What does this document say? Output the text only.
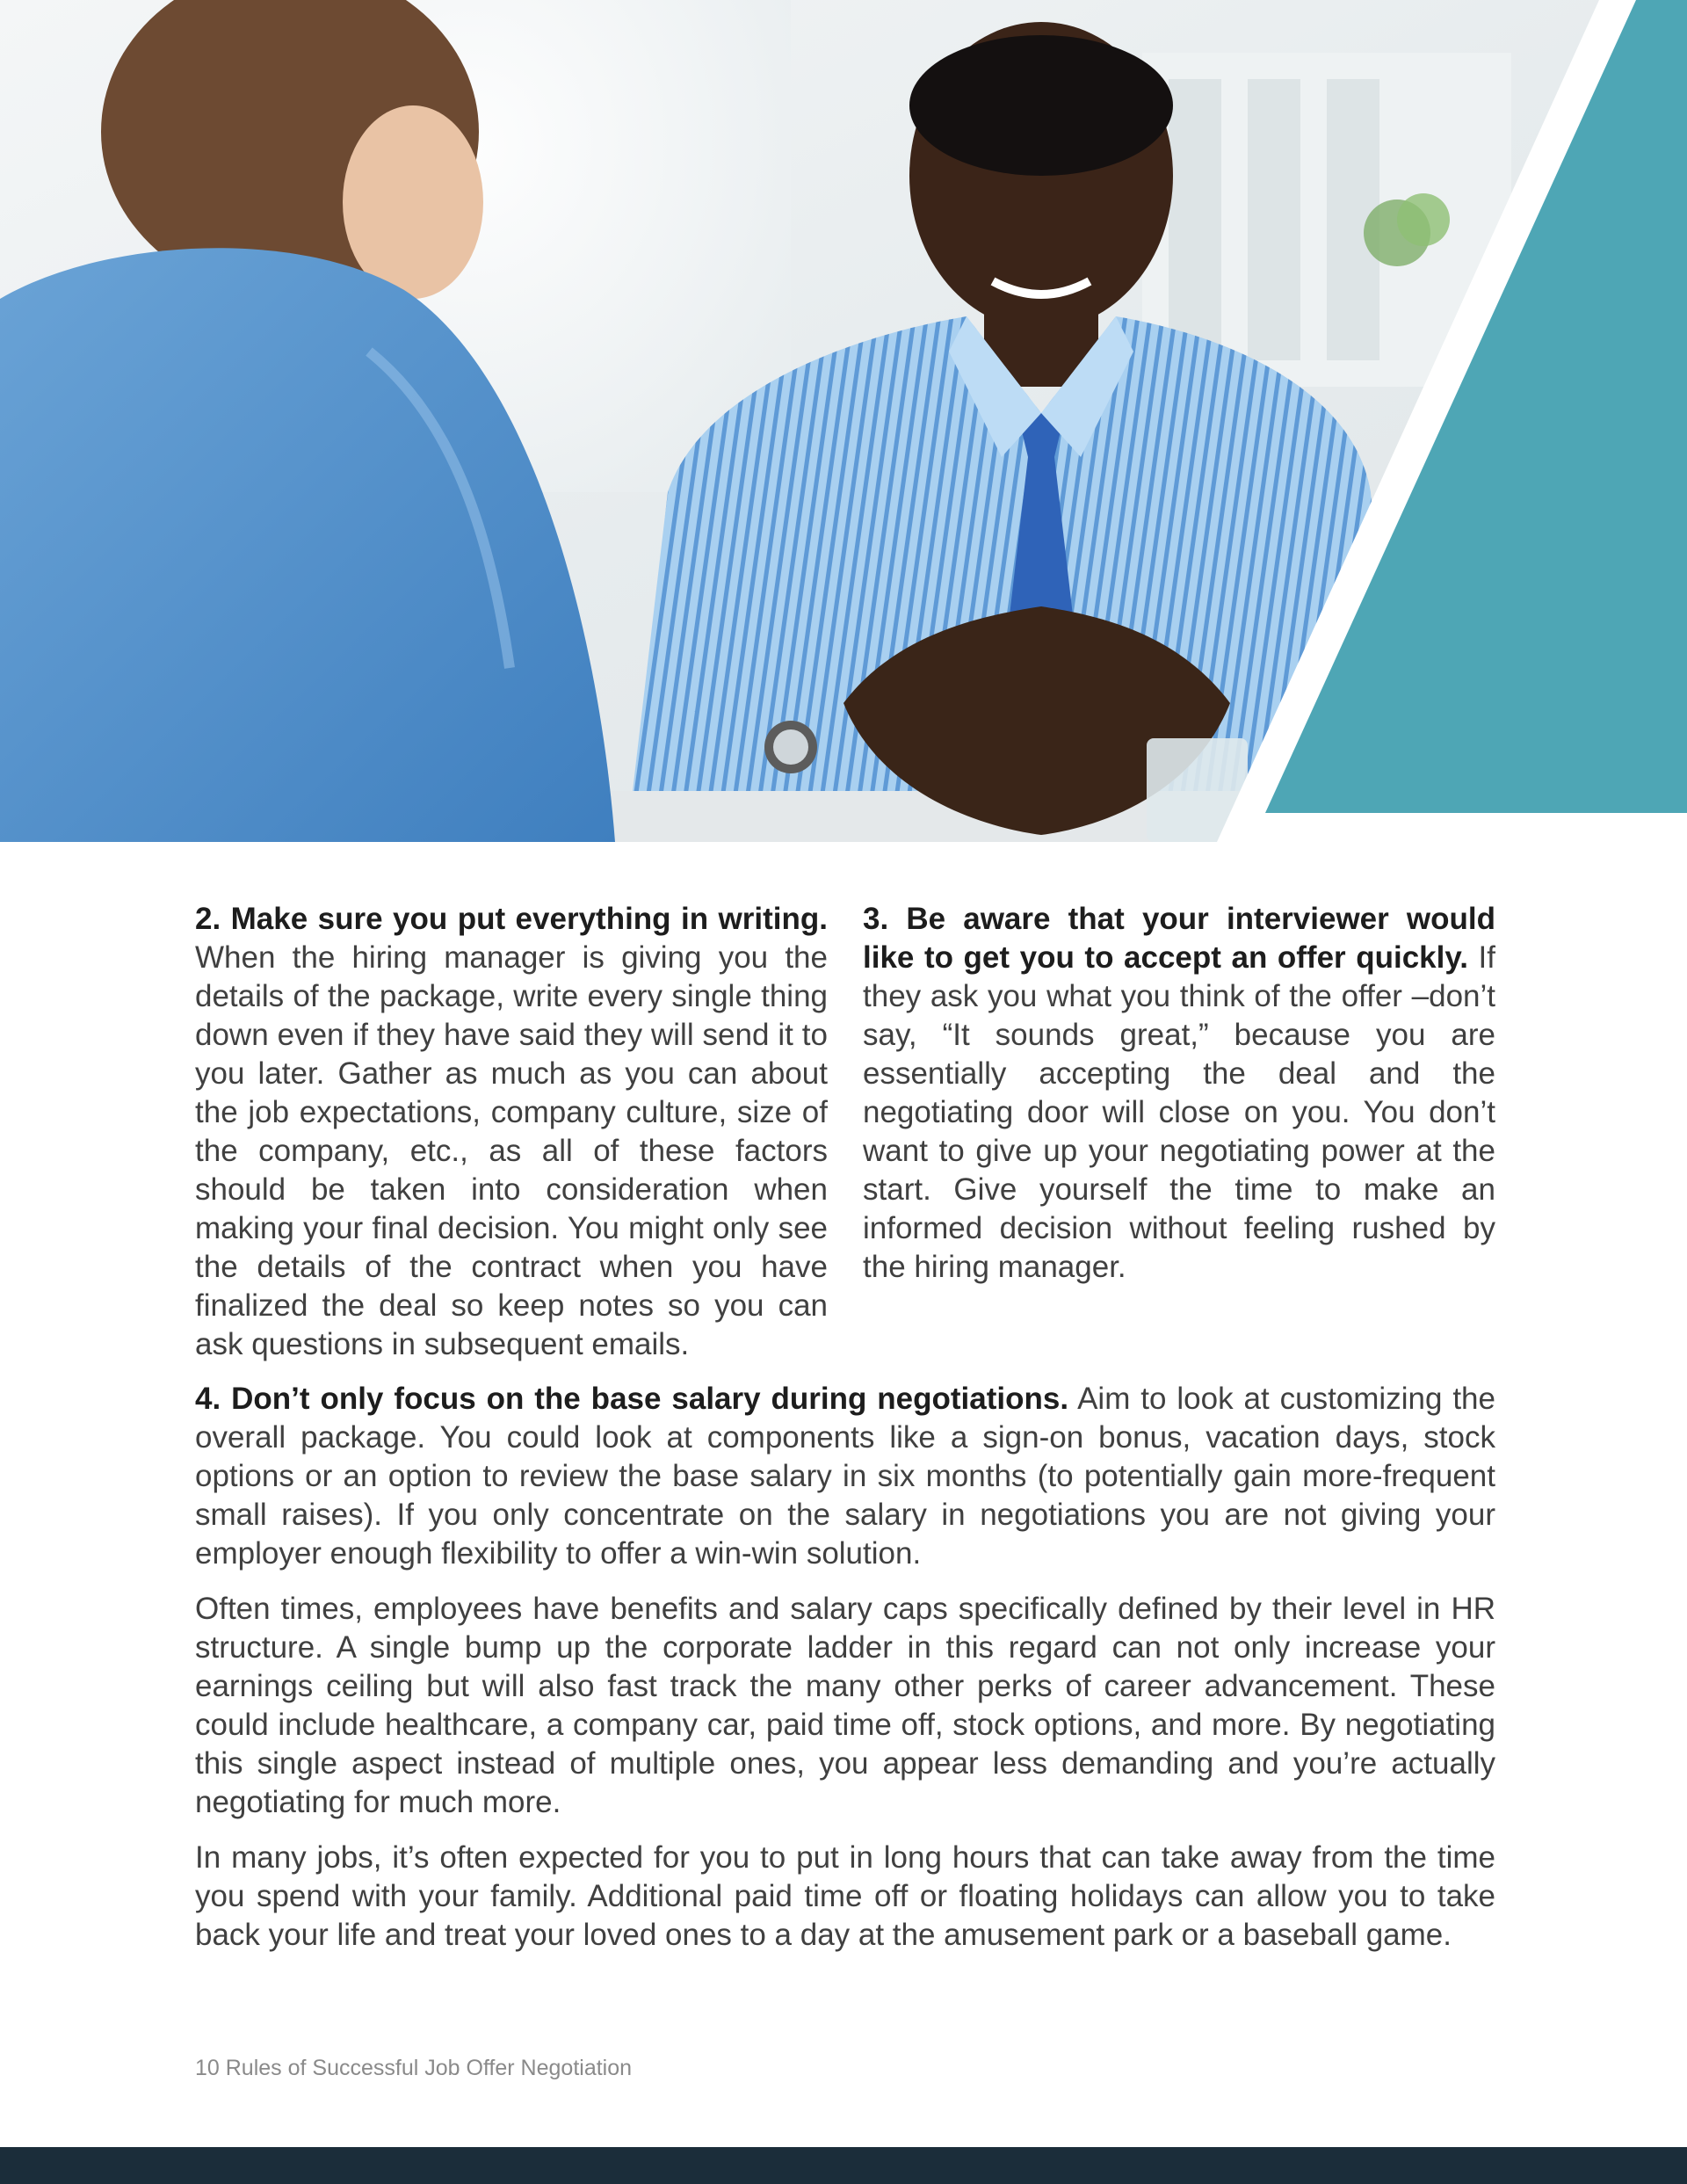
2. Make sure you put everything in writing. When the hiring manager is giving you the details of the package, write every single thing down even if they have said they will send it to you later. Gather as much as you can about the job expectations, company culture, size of the company, etc., as all of these factors should be taken into consideration when making your final decision. You might only see the details of the contract when you have finalized the deal so keep notes so you can ask questions in subsequent emails.

3. Be aware that your interviewer would like to get you to accept an offer quickly. If they ask you what you think of the offer –don’t say, “It sounds great,” because you are essentially accepting the deal and the negotiating door will close on you. You don’t want to give up your negotiating power at the start. Give yourself the time to make an informed decision without feeling rushed by the hiring manager.

4. Don’t only focus on the base salary during negotiations. Aim to look at customizing the overall package. You could look at components like a sign-on bonus, vacation days, stock options or an option to review the base salary in six months (to potentially gain more-frequent small raises). If you only concentrate on the salary in negotiations you are not giving your employer enough flexibility to offer a win-win solution.

Often times, employees have benefits and salary caps specifically defined by their level in HR structure. A single bump up the corporate ladder in this regard can not only increase your earnings ceiling but will also fast track the many other perks of career advancement. These could include healthcare, a company car, paid time off, stock options, and more. By negotiating this single aspect instead of multiple ones, you appear less demanding and you’re actually negotiating for much more.

In many jobs, it’s often expected for you to put in long hours that can take away from the time you spend with your family. Additional paid time off or floating holidays can allow you to take back your life and treat your loved ones to a day at the amusement park or a baseball game.

10 Rules of Successful Job Offer Negotiation
